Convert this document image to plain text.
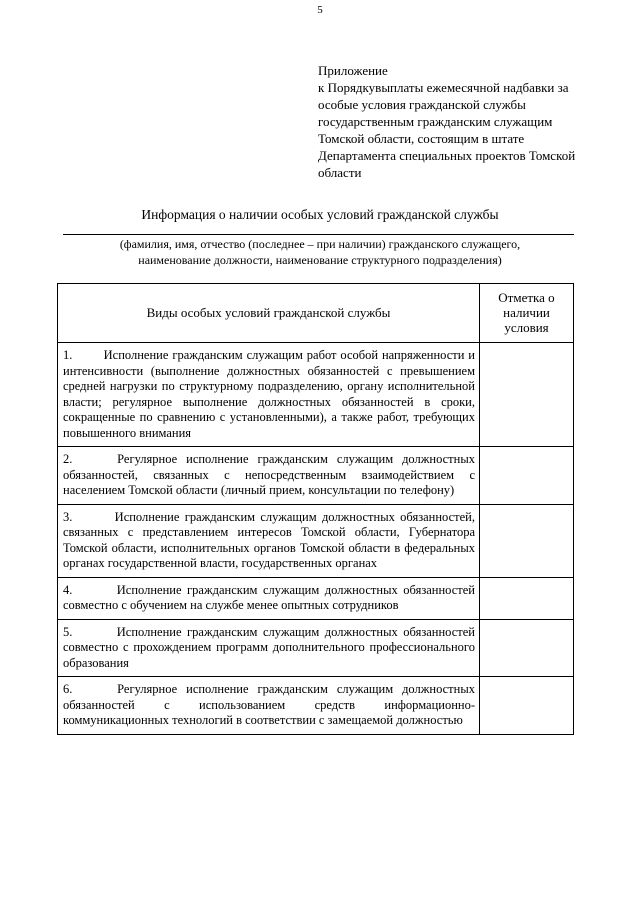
5
Приложение
к Порядкувыплаты ежемесячной надбавки за
особые условия гражданской службы
государственным гражданским служащим
Томской области, состоящим в штате
Департамента специальных проектов Томской
области
Информация о наличии особых условий гражданской службы
(фамилия, имя, отчество (последнее – при наличии) гражданского служащего,
наименование должности, наименование структурного подразделения)
Виды особых условий гражданской службы	Отметка о
наличии
условия

1.        Исполнение гражданским служащим работ особой напряженности и интенсивности (выполнение должностных обязанностей с превышением средней нагрузки по структурному подразделению, органу исполнительной власти; регулярное выполнение должностных обязанностей в сроки, сокращенные по сравнению с установленными), а также работ, требующих повышенного внимания	
2.     Регулярное исполнение гражданским служащим должностных обязанностей, связанных с непосредственным взаимодействием с населением Томской области (личный прием, консультации по телефону)	
3.        Исполнение гражданским служащим должностных обязанностей, связанных с представлением интересов Томской области, Губернатора Томской области, исполнительных органов Томской области в федеральных органах государственной власти, государственных органах	
4.        Исполнение гражданским служащим должностных обязанностей совместно с обучением на службе менее опытных сотрудников	
5.        Исполнение гражданским служащим должностных обязанностей совместно с прохождением программ дополнительного профессионального образования	
6.     Регулярное исполнение гражданским служащим должностных обязанностей с использованием средств информационно-коммуникационных технологий в соответствии с замещаемой должностью	
